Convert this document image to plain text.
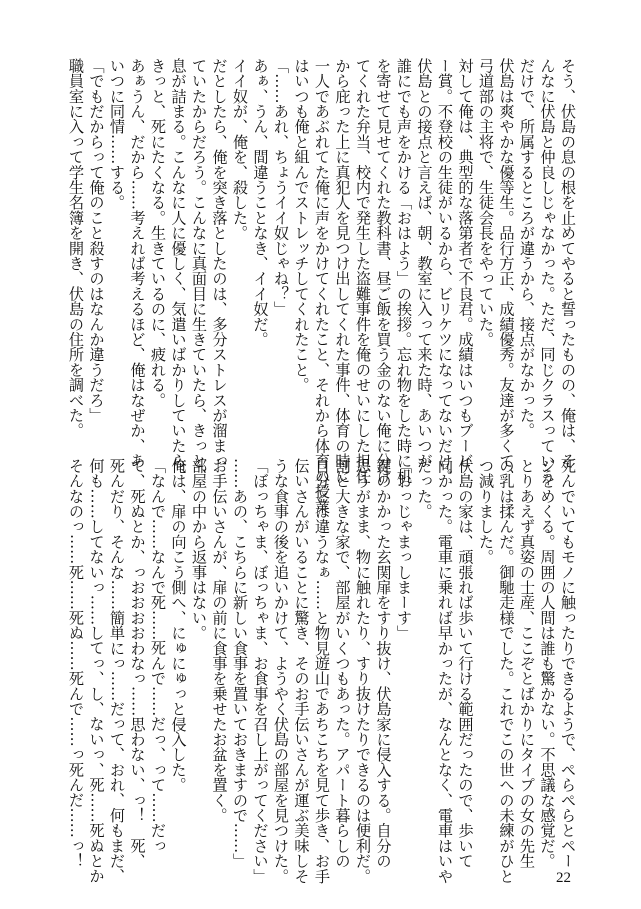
そう、伏島の息の根を止めてやると誓ったものの、俺は、そ
んなに伏島と仲良しじゃなかった。ただ、同じクラスっていう
だけで、所属するところが違うから、接点がなかった。
伏島は爽やかな優等生。品行方正、成績優秀。友達が多くて、
弓道部の主将で、生徒会長をやっていた。
対して俺は、典型的な落第者で不良君。成績はいつもブービ
ー賞。不登校の生徒がいるから、ビリケツになってないだけ。
伏島との接点と言えば、朝、教室に入って来た時、あいつが
誰にでも声をかける「おはよう」の挨拶。忘れ物をした時に机
を寄せて見せてくれた教科書、昼ご飯を買う金のない俺に分け
てくれた弁当、校内で発生した盗難事件を俺のせいにした担任
から庇った上に真犯人を見つけ出してくれた事件、体育の時に
一人であぶれてた俺に声をかけてくれたこと、それから体育の授業
はいつも俺と組んでストレッチしてくれたこと。
「……あれ、ちょうイイ奴じゃね？」
あぁ、うん、間違うことなき、イイ奴だ。
イイ奴が、俺を、殺した。
だとしたら、俺を突き落としたのは、多分ストレスが溜まっ
ていたからだろう。こんなに真面目に生きていたら、きっと、
息が詰まる。こんなに人に優しく、気遣いばかりしていたら、
きっと、死にたくなる。生きているのに、疲れる。
あぁうん、だから……考えれば考えるほど、俺はなぜか、あ
いつに同情……する。
「でもだからって俺のこと殺すのはなんか違うだろ」
職員室に入って学生名簿を開き、伏島の住所を調べた。
死んでいてもモノに触ったりできるようで、ぺらぺらとペー
ジをめくる。周囲の人間は誰も驚かない。不思議な感覚だ。
とりあえず真姿の士産、ここぞとばかりにタイプの女の先生
の乳は揉んだ。御馳走様でした。これでこの世への未練がひと
つ減りました。
伏島の家は、頑張れば歩いて行ける範囲だったので、歩いて
向かった。電車に乗れば早かったが、なんとなく、電車はいや
だった。
「おっじゃまっしまーす」
鍵のかかった玄関扉をすり抜け、伏島家に侵入する。自分の
思うがまま、物に触れたり、すり抜けたりできるのは便利だ。
割と大きな家で、部屋がいくつもあった。アパート暮らしの
自分とは違うなぁ……と物見遊山であちこちを見て歩き、お手
伝いさんがいることに驚き、そのお手伝いさんが運ぶ美味しそ
うな食事の後を追いかけて、ようやく伏島の部屋を見つけた。
「ぼっちゃま、ぼっちゃま、お食事を召し上がってください」
……あの、こちらに新しい食事を置いておきますので……」
お手伝いさんが、扉の前に食事を乗せたお盆を置く。
部屋の中から返事はない。
俺は、扉の向こう側へ、にゅにゅっと侵入した。
「なんで……なんで死……死んで……だっ、って……だっ
て、死ぬとか、っおおおおわなっ……思わない、っ！　死、
死んだり、そんな……簡単にっ……だって、おれ、何もまだ、
何も……してないっ……してっ、し、ないっ、死……死ぬとか
そんなのっ……死……死ぬ……死んで……っ死んだ……っ！
22
